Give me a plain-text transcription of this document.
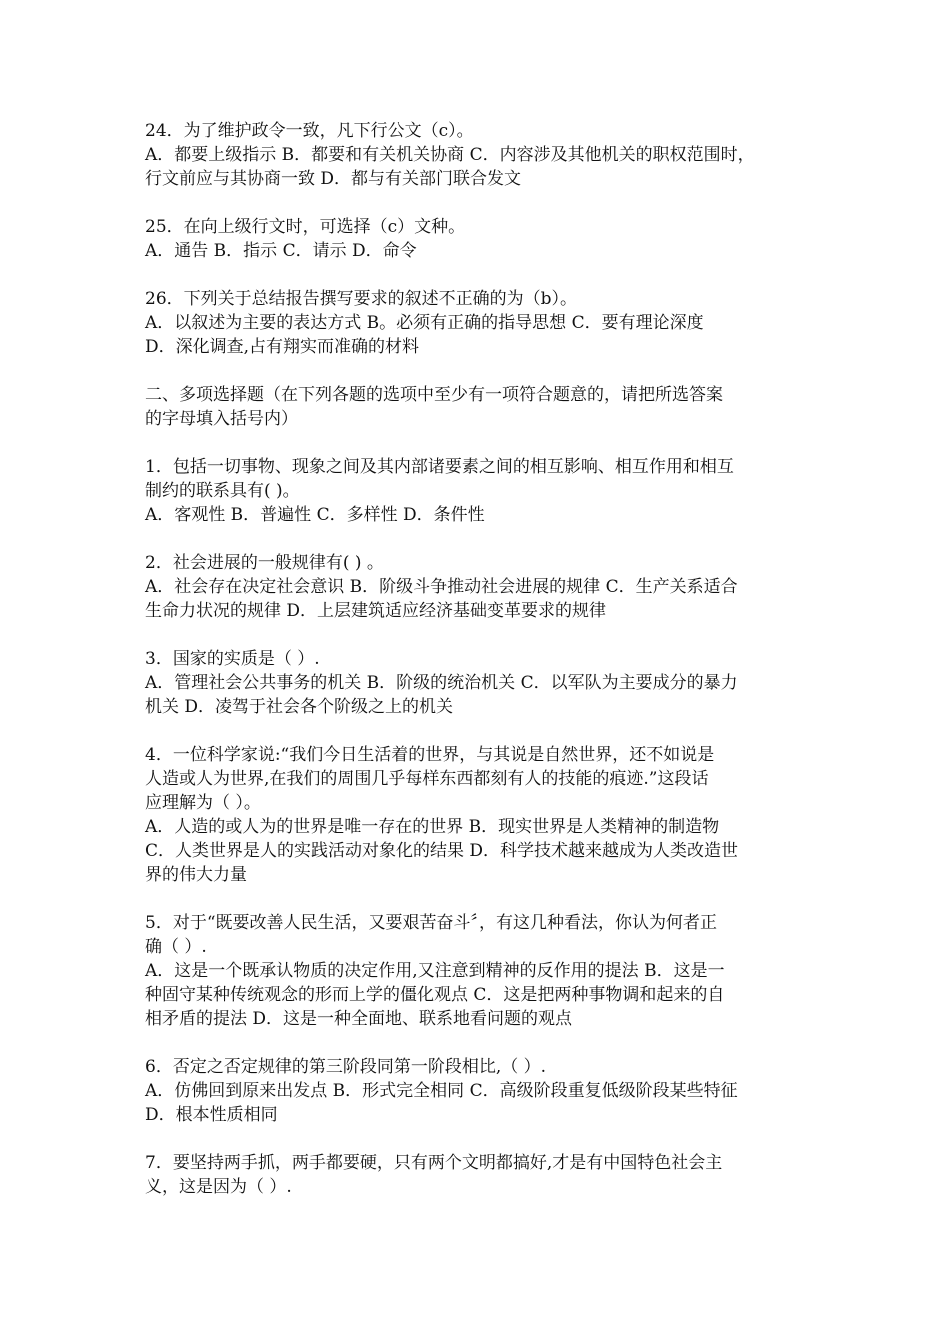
24．为了维护政令一致，凡下行公文（c）。
A．都要上级指示 B．都要和有关机关协商 C．内容涉及其他机关的职权范围时，
行文前应与其协商一致 D．都与有关部门联合发文
25．在向上级行文时，可选择（c）文种。
A．通告 B．指示 C．请示 D．命令
26．下列关于总结报告撰写要求的叙述不正确的为（b）。
A．以叙述为主要的表达方式 B。必须有正确的指导思想 C．要有理论深度
D．深化调查,占有翔实而准确的材料
二、多项选择题（在下列各题的选项中至少有一项符合题意的，请把所选答案
的字母填入括号内）
1．包括一切事物、现象之间及其内部诸要素之间的相互影响、相互作用和相互
制约的联系具有( )。
A．客观性 B．普遍性 C．多样性 D．条件性
2．社会进展的一般规律有( ) 。
A．社会存在决定社会意识 B．阶级斗争推动社会进展的规律 C．生产关系适合
生命力状况的规律 D．上层建筑适应经济基础变革要求的规律
3．国家的实质是（ ）.
A．管理社会公共事务的机关 B．阶级的统治机关 C．以军队为主要成分的暴力
机关 D．凌驾于社会各个阶级之上的机关
4．一位科学家说:“我们今日生活着的世界，与其说是自然世界，还不如说是
人造或人为世界,在我们的周围几乎每样东西都刻有人的技能的痕迹.”这段话
应理解为（ ）。
A．人造的或人为的世界是唯一存在的世界 B．现实世界是人类精神的制造物
C．人类世界是人的实践活动对象化的结果 D．科学技术越来越成为人类改造世
界的伟大力量
5．对于“既要改善人民生活，又要艰苦奋斗〞，有这几种看法，你认为何者正
确（ ）.
A．这是一个既承认物质的决定作用,又注意到精神的反作用的提法 B．这是一
种固守某种传统观念的形而上学的僵化观点 C．这是把两种事物调和起来的自
相矛盾的提法 D．这是一种全面地、联系地看问题的观点
6．否定之否定规律的第三阶段同第一阶段相比,（ ）.
A．仿佛回到原来出发点 B．形式完全相同 C．高级阶段重复低级阶段某些特征
D．根本性质相同
7．要坚持两手抓，两手都要硬，只有两个文明都搞好,才是有中国特色社会主
义，这是因为（ ）.
